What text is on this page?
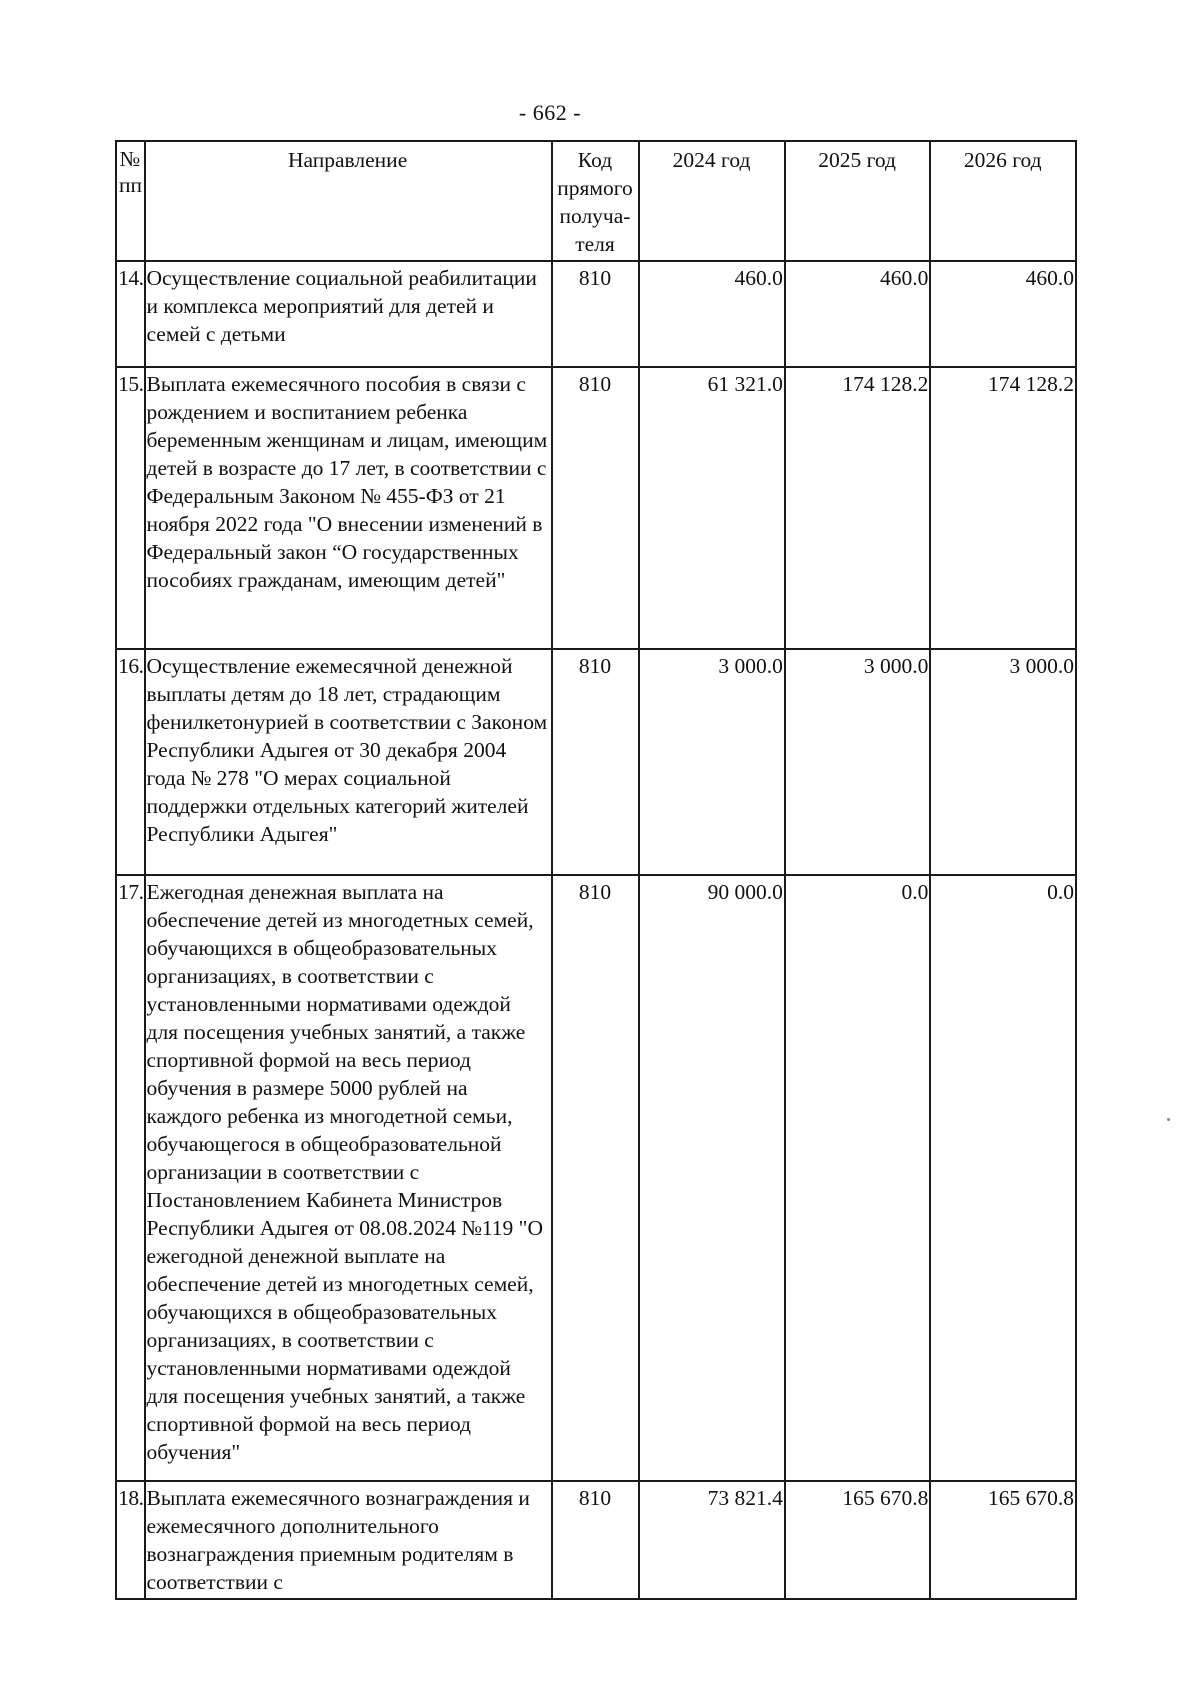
- 662 -
№ пп	Направление	Код прямого получа-теля	2024 год	2025 год	2026 год
14.	Осуществление социальной реабилитации и комплекса мероприятий для детей и семей с детьми	810	460.0	460.0	460.0
15.	Выплата ежемесячного пособия в связи с рождением и воспитанием ребенка беременным женщинам и лицам, имеющим детей в возрасте до 17 лет, в соответствии с Федеральным Законом № 455-ФЗ от 21 ноября 2022 года "О внесении изменений в Федеральный закон “О государственных пособиях гражданам, имеющим детей"	810	61 321.0	174 128.2	174 128.2
16.	Осуществление ежемесячной денежной выплаты детям до 18 лет, страдающим фенилкетонурией в соответствии с Законом Республики Адыгея от 30 декабря 2004 года № 278 "О мерах социальной поддержки отдельных категорий жителей Республики Адыгея"	810	3 000.0	3 000.0	3 000.0
17.	Ежегодная денежная выплата на обеспечение детей из многодетных семей, обучающихся в общеобразовательных организациях, в соответствии с установленными нормативами одеждой для посещения учебных занятий, а также спортивной формой на весь период обучения в размере 5000 рублей на каждого ребенка из многодетной семьи, обучающегося в общеобразовательной организации в соответствии с Постановлением Кабинета Министров Республики Адыгея от 08.08.2024 №119 "О ежегодной денежной выплате на обеспечение детей из многодетных семей, обучающихся в общеобразовательных организациях, в соответствии с установленными нормативами одеждой для посещения учебных занятий, а также спортивной формой на весь период обучения"	810	90 000.0	0.0	0.0
18.	Выплата ежемесячного вознаграждения и ежемесячного дополнительного вознаграждения приемным родителям в соответствии с	810	73 821.4	165 670.8	165 670.8
